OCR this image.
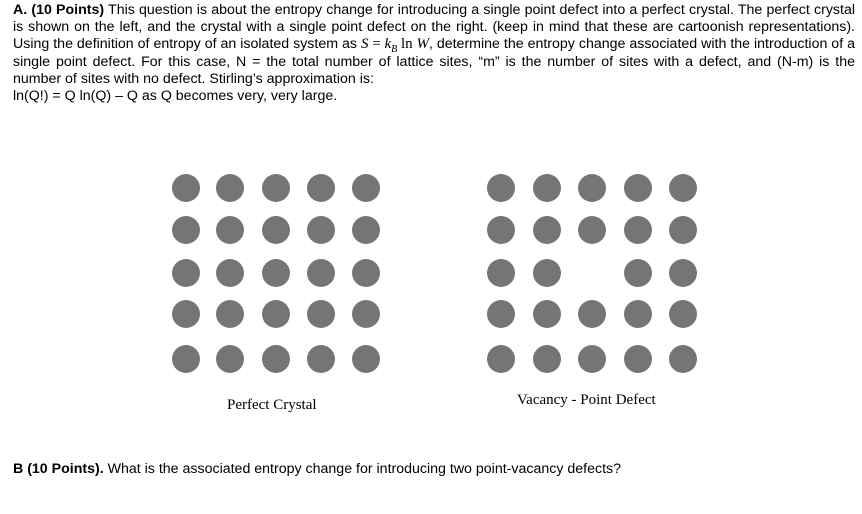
A. (10 Points) This question is about the entropy change for introducing a single point defect into a perfect crystal. The perfect crystal is shown on the left, and the crystal with a single point defect on the right. (keep in mind that these are cartoonish representations). Using the definition of entropy of an isolated system as $S = k_B$ ln W, determine the entropy change associated with the introduction of a single point defect. For this case, N = the total number of lattice sites, “m” is the number of sites with a defect, and (N-m) is the number of sites with no defect. Stirling’s approximation is:
ln(Q!) = Q ln(Q) – Q as Q becomes very, very large.
Perfect Crystal	Vacancy - Point Defect
B (10 Points). What is the associated entropy change for introducing two point-vacancy defects?
